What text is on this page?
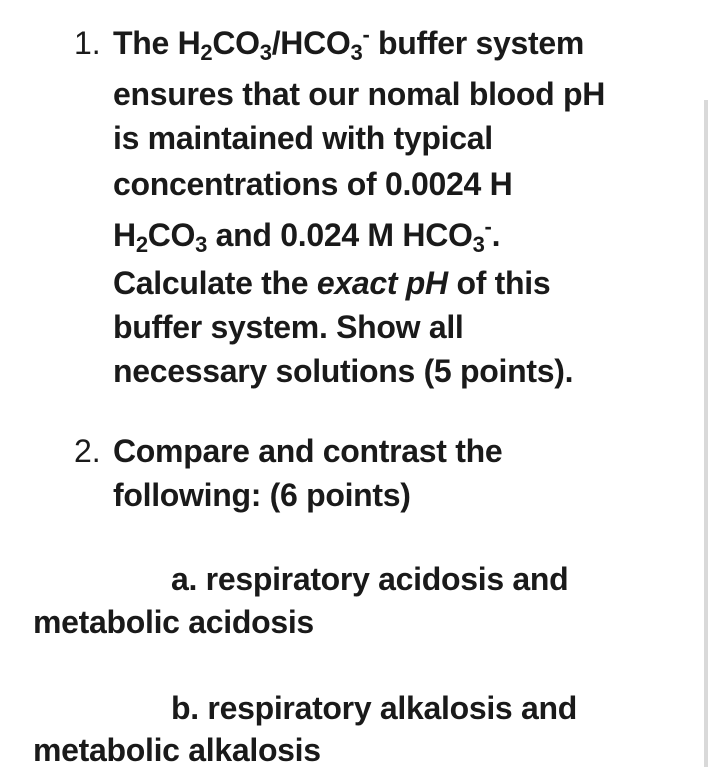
1. The $H_2CO_3/HCO_3^-$ buffer system
ensures that our nomal blood pH
is maintained with typical
concentrations of 0.0024 H
$H_2CO_3$ and 0.024 M $HCO_3^-$.
Calculate the exact pH of this
buffer system. Show all
necessary solutions (5 points).
2. Compare and contrast the
following: (6 points)
a. respiratory acidosis and
metabolic acidosis
b. respiratory alkalosis and
metabolic alkalosis
